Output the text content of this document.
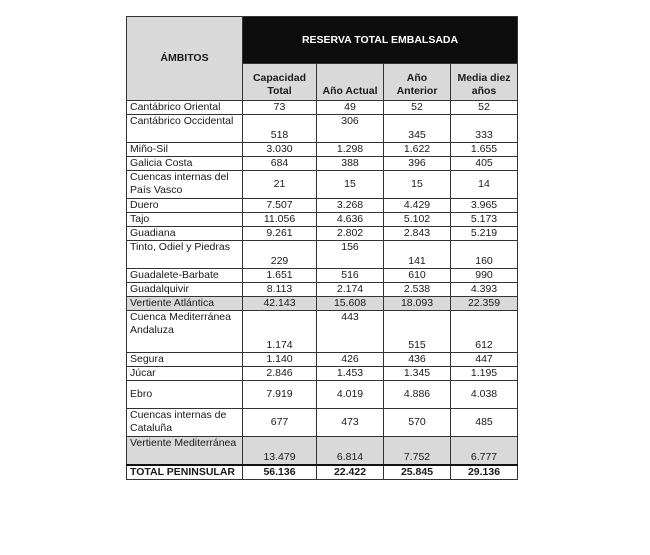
ÁMBITOS	RESERVA TOTAL EMBALSADA			
	Capacidad Total	Año Actual	Año Anterior	Media diez años
Cantábrico Oriental	73	49	52	52
Cantábrico Occidental	518	306	345	333
Miño-Sil	3.030	1.298	1.622	1.655
Galicia Costa	684	388	396	405
Cuencas internas del País Vasco	21	15	15	14
Duero	7.507	3.268	4.429	3.965
Tajo	11.056	4.636	5.102	5.173
Guadiana	9.261	2.802	2.843	5.219
Tinto, Odiel y Piedras	229	156	141	160
Guadalete-Barbate	1.651	516	610	990
Guadalquivir	8.113	2.174	2.538	4.393
Vertiente Atlántica	42.143	15.608	18.093	22.359
Cuenca Mediterránea Andaluza	1.174	443	515	612
Segura	1.140	426	436	447
Júcar	2.846	1.453	1.345	1.195
Ebro	7.919	4.019	4.886	4.038
Cuencas internas de Cataluña	677	473	570	485
Vertiente Mediterránea	13.479	6.814	7.752	6.777
TOTAL PENINSULAR	56.136	22.422	25.845	29.136
